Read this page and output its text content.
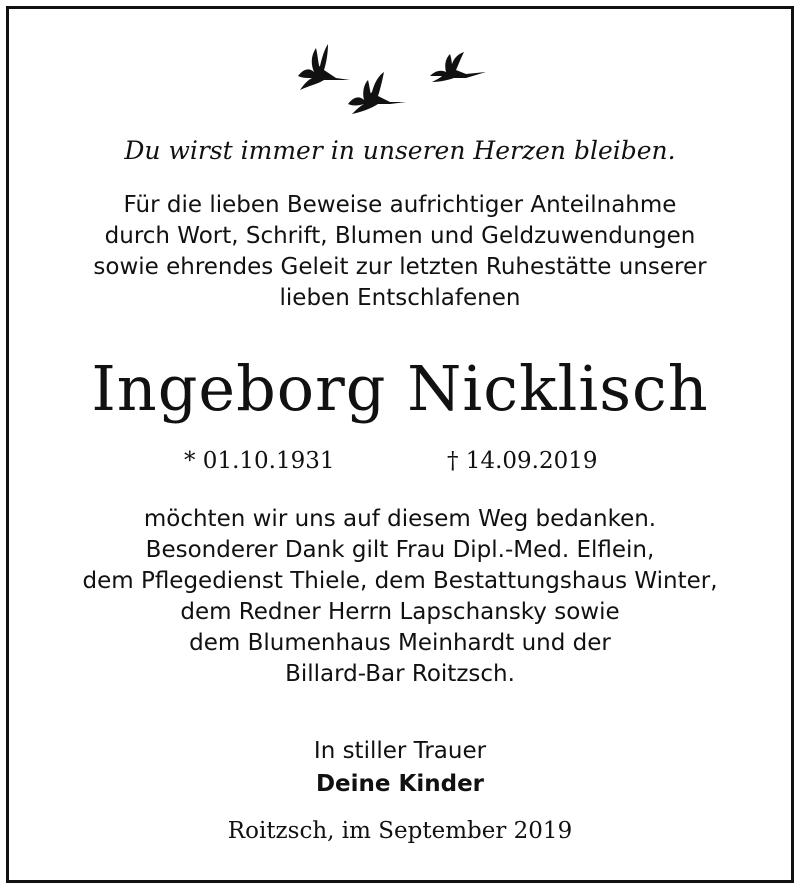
Du wirst immer in unseren Herzen bleiben.
Für die lieben Beweise aufrichtiger Anteilnahme
durch Wort, Schrift, Blumen und Geldzuwendungen
sowie ehrendes Geleit zur letzten Ruhestätte unserer
lieben Entschlafenen
Ingeborg Nicklisch
* 01.10.1931	† 14.09.2019
möchten wir uns auf diesem Weg bedanken.
Besonderer Dank gilt Frau Dipl.-Med. Elflein,
dem Pflegedienst Thiele, dem Bestattungshaus Winter,
dem Redner Herrn Lapschansky sowie
dem Blumenhaus Meinhardt und der
Billard-Bar Roitzsch.
In stiller Trauer
Deine Kinder
Roitzsch, im September 2019
